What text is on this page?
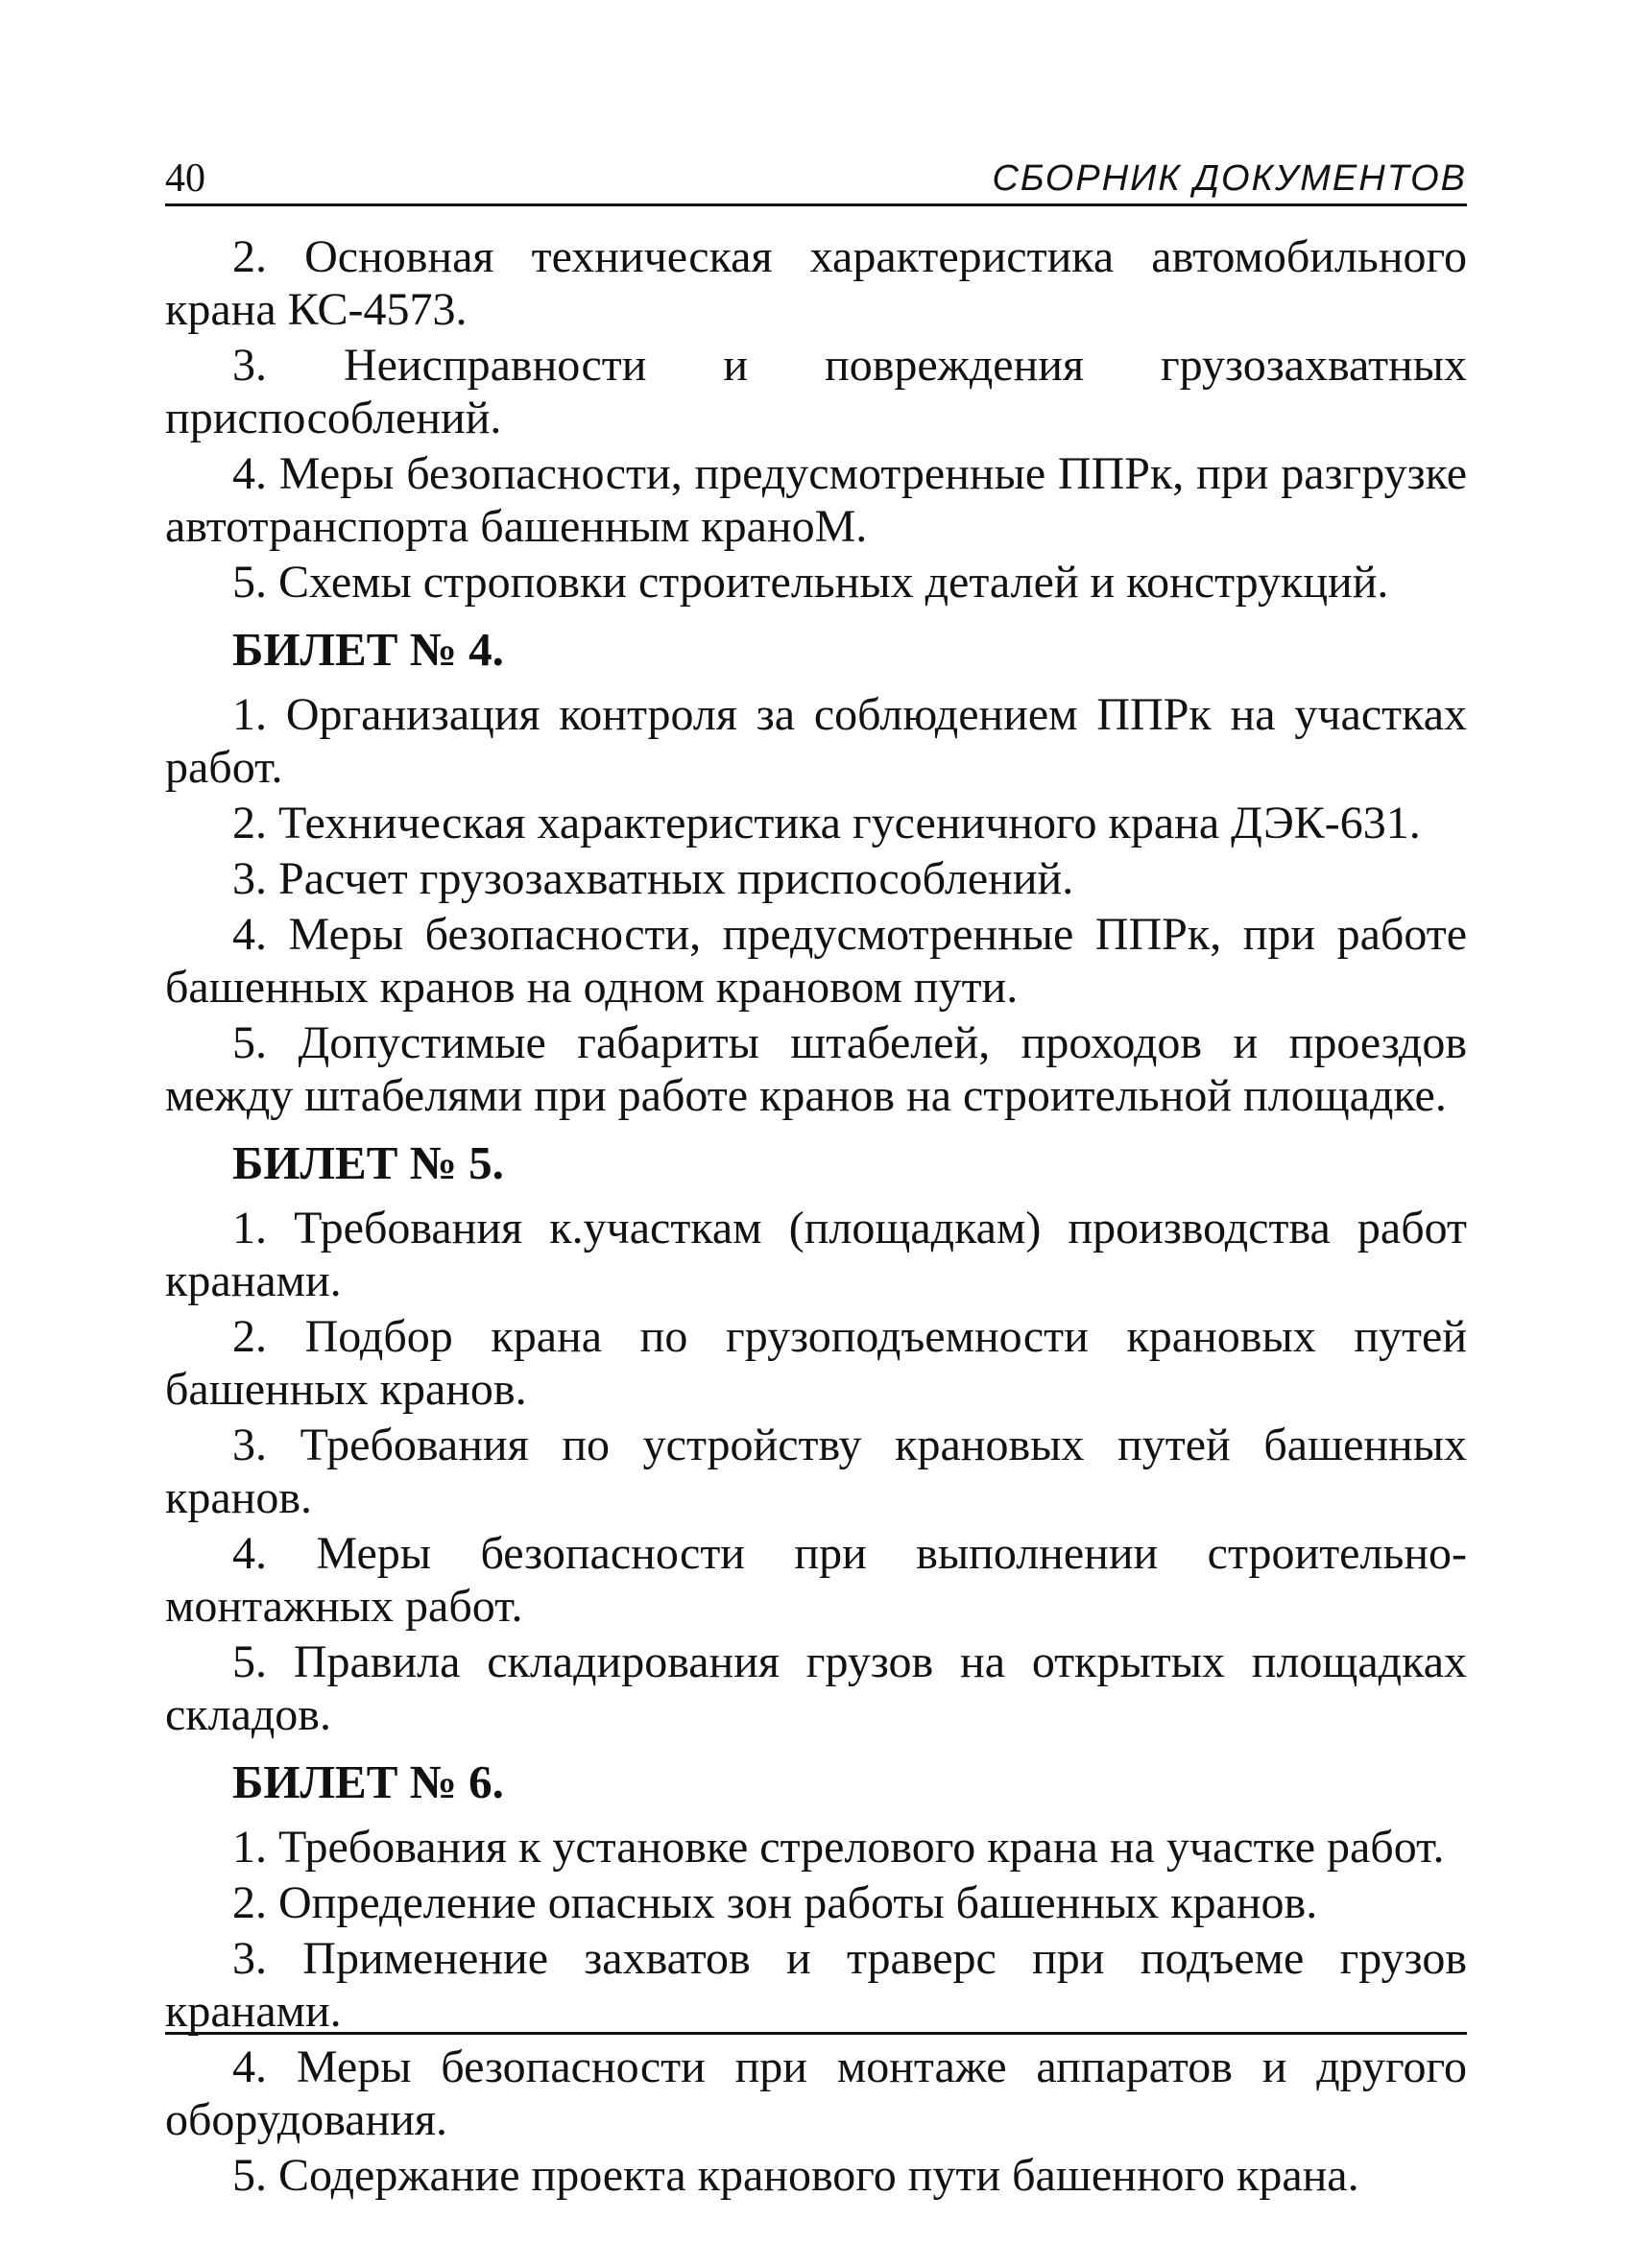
40	СБОРНИК ДОКУМЕНТОВ

2. Основная техническая характеристика автомобильного крана КС-4573.

3. Неисправности и повреждения грузозахватных приспособлений.

4. Меры безопасности, предусмотренные ППРк, при разгрузке автотранспорта башенным краноМ.

5. Схемы строповки строительных деталей и конструкций.

БИЛЕТ № 4.

1. Организация контроля за соблюдением ППРк на участках работ.

2. Техническая характеристика гусеничного крана ДЭК-631.

3. Расчет грузозахватных приспособлений.

4. Меры безопасности, предусмотренные ППРк, при работе башенных кранов на одном крановом пути.

5. Допустимые габариты штабелей, проходов и проездов между штабелями при работе кранов на строительной площадке.

БИЛЕТ № 5.

1. Требования к.участкам (площадкам) производства работ кранами.

2. Подбор крана по грузоподъемности крановых путей башенных кранов.

3. Требования по устройству крановых путей башенных кранов.

4. Меры безопасности при выполнении строительно-монтажных работ.

5. Правила складирования грузов на открытых площадках складов.

БИЛЕТ № 6.

1. Требования к установке стрелового крана на участке работ.

2. Определение опасных зон работы башенных кранов.

3. Применение захватов и траверс при подъеме грузов кранами.

4. Меры безопасности при монтаже аппаратов и другого оборудования.

5. Содержание проекта кранового пути башенного крана.
